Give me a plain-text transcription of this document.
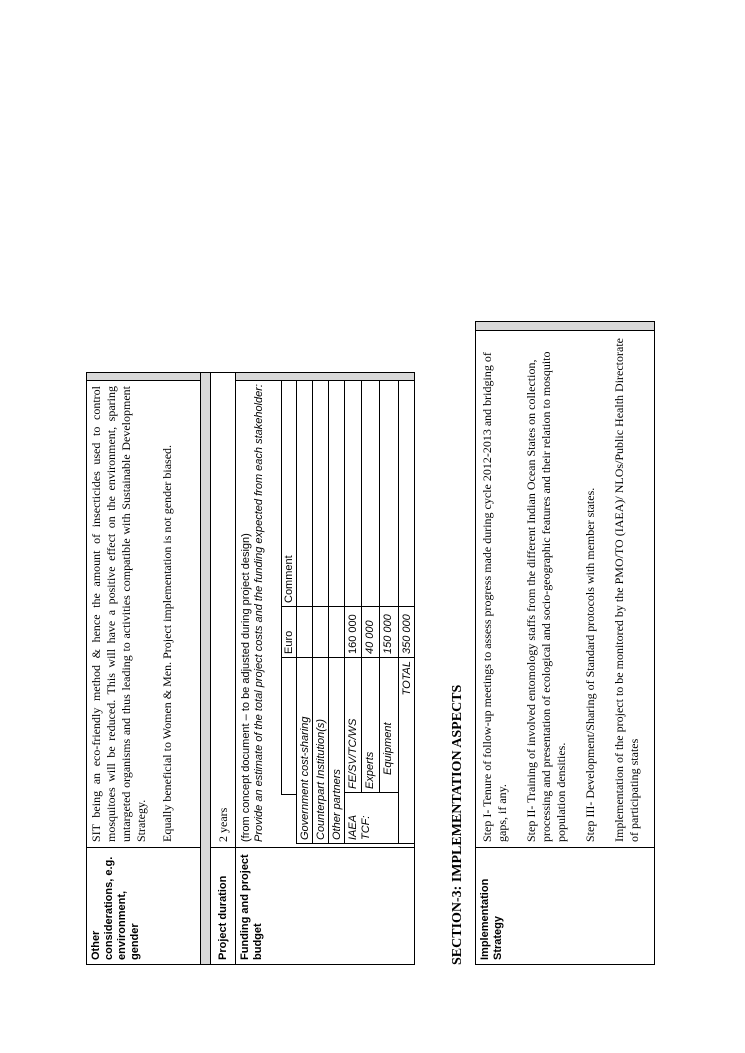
Other considerations, e.g. environment, gender

SIT being an eco-friendly method & hence the amount of insecticides used to control mosquitoes will be reduced. This will have a positive effect on the environment, sparing untargeted organisms and thus leading to activities compatible with Sustainable Development Strategy. Equally beneficial to Women & Men. Project implementation is not gender biased.

Project duration
2 years
Funding and project budget
(from concept document – to be adjusted during project design) Provide an estimate of the total project costs and the funding expected from each stakeholder: Euro
Comment
Government cost-sharing Counterpart Institution(s) Other partners IAEA TCF:
FE/SV/TC/WS
160 000
Experts
40 000
Equipment
150 000
TOTAL
350 000
SECTION-3: IMPLEMENTATION ASPECTS Implementation Strategy

Step I- Tenure of follow-up meetings to assess progress made during cycle 2012-2013 and bridging of gaps, if any. Step II- Training of involved entomology staffs from the different Indian Ocean States on collection, processing and presentation of ecological and socio-geographic features and their relation to mosquito population densities. Step III- Development/Sharing of Standard protocols with member states. Implementation of the project to be monitored by the PMO/TO (IAEA)/ NLOs/Public Health Directorate of participating states
